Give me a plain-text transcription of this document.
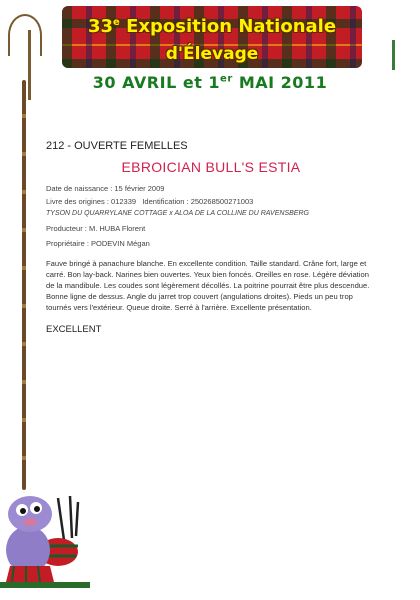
33e Exposition Nationale
d'Élevage
30 AVRIL et 1er MAI 2011
212 - OUVERTE FEMELLES
EBROICIAN BULL'S ESTIA
Date de naissance : 15 février 2009
Livre des origines : 012339 Identification : 250268500271003
TYSON DU QUARRYLANE COTTAGE x ALOA DE LA COLLINE DU RAVENSBERG
Producteur : M. HUBA Florent
Propriétaire : PODEVIN Mégan
Fauve bringé à panachure blanche. En excellente condition. Taille standard. Crâne fort, large et carré. Bon lay-back. Narines bien ouvertes. Yeux bien foncés. Oreilles en rose. Légère déviation de la mandibule. Les coudes sont légèrement décollés. La poitrine pourrait être plus descendue. Bonne ligne de dessus. Angle du jarret trop couvert (angulations droites). Pieds un peu trop tournés vers l'extérieur. Queue droite. Serré à l'arrière. Excellente présentation.
EXCELLENT
